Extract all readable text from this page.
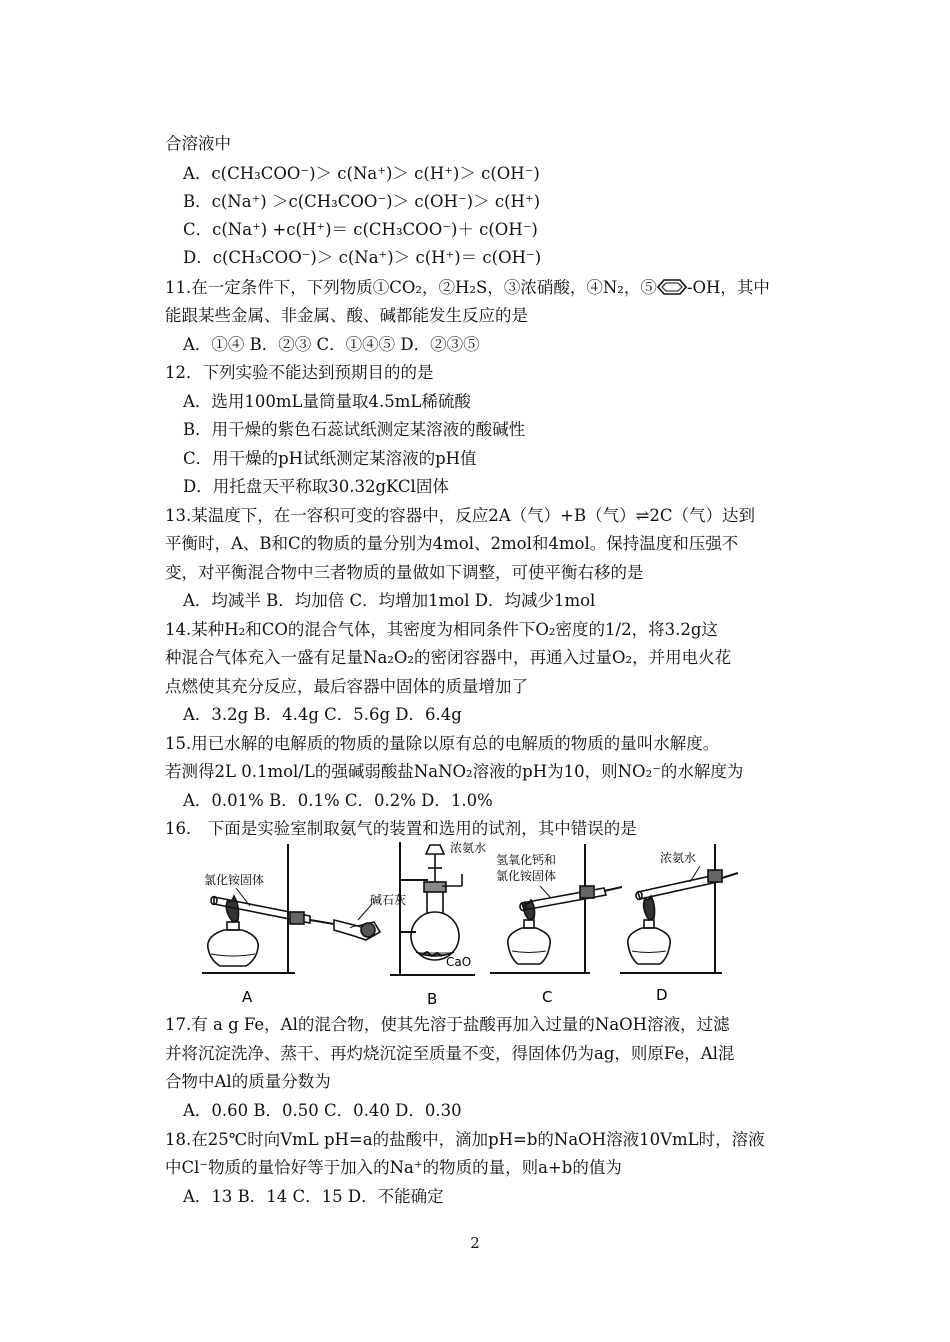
合溶液中
A．c(CH₃COO⁻)＞ c(Na⁺)＞ c(H⁺)＞ c(OH⁻)
B．c(Na⁺) ＞c(CH₃COO⁻)＞ c(OH⁻)＞ c(H⁺)
C．c(Na⁺) +c(H⁺)＝ c(CH₃COO⁻)＋ c(OH⁻)
D．c(CH₃COO⁻)＞ c(Na⁺)＞ c(H⁺)＝ c(OH⁻)
11.在一定条件下，下列物质①CO₂，②H₂S，③浓硝酸，④N₂，⑤ -OH，其中
能跟某些金属、非金属、酸、碱都能发生反应的是
A．①④ B．②③ C．①④⑤ D．②③⑤
12．下列实验不能达到预期目的的是
A．选用100mL量筒量取4.5mL稀硫酸
B．用干燥的紫色石蕊试纸测定某溶液的酸碱性
C．用干燥的pH试纸测定某溶液的pH值
D．用托盘天平称取30.32gKCl固体
13.某温度下，在一容积可变的容器中，反应2A（气）+B（气）⇌2C（气）达到
平衡时，A、B和C的物质的量分别为4mol、2mol和4mol。保持温度和压强不
变，对平衡混合物中三者物质的量做如下调整，可使平衡右移的是
A．均减半 B．均加倍 C．均增加1mol D．均减少1mol
14.某种H₂和CO的混合气体，其密度为相同条件下O₂密度的1/2，将3.2g这
种混合气体充入一盛有足量Na₂O₂的密闭容器中，再通入过量O₂，并用电火花
点燃使其充分反应，最后容器中固体的质量增加了
A．3.2g B．4.4g C．5.6g D．6.4g
15.用已水解的电解质的物质的量除以原有总的电解质的物质的量叫水解度。
若测得2L 0.1mol/L的强碱弱酸盐NaNO₂溶液的pH为10，则NO₂⁻的水解度为
A．0.01% B．0.1% C．0.2% D．1.0%
16． 下面是实验室制取氨气的装置和选用的试剂，其中错误的是
氯化铵固体
碱石灰
浓氨水
CaO
氢氧化钙和
氯化铵固体
浓氨水
A	B	C	D
17.有 a g Fe，Al的混合物，使其先溶于盐酸再加入过量的NaOH溶液，过滤
并将沉淀洗净、蒸干、再灼烧沉淀至质量不变，得固体仍为ag，则原Fe，Al混
合物中Al的质量分数为
A．0.60 B．0.50 C．0.40 D．0.30
18.在25℃时向VmL pH=a的盐酸中，滴加pH=b的NaOH溶液10VmL时，溶液
中Cl⁻物质的量恰好等于加入的Na⁺的物质的量，则a+b的值为
A．13 B．14 C．15 D．不能确定
2
